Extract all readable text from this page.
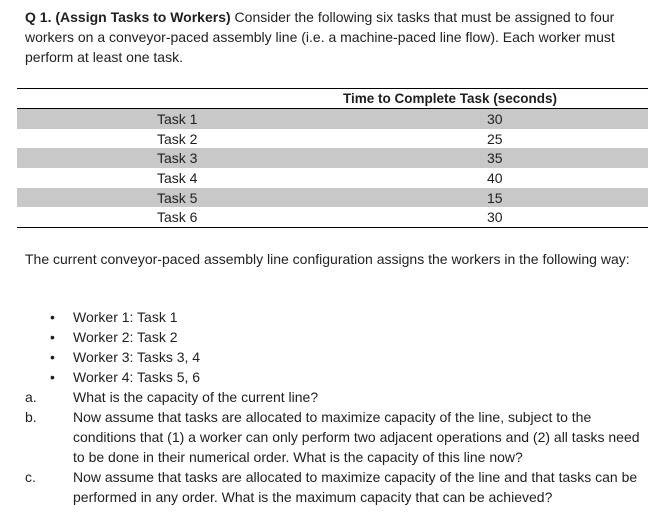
Q 1. (Assign Tasks to Workers) Consider the following six tasks that must be assigned to four workers on a conveyor-paced assembly line (i.e. a machine-paced line flow). Each worker must perform at least one task.
Time to Complete Task (seconds)
Task 1	30
Task 2	25
Task 3	35
Task 4	40
Task 5	15
Task 6	30
The current conveyor-paced assembly line configuration assigns the workers in the following way:
• Worker 1: Task 1
• Worker 2: Task 2
• Worker 3: Tasks 3, 4
• Worker 4: Tasks 5, 6
a.	What is the capacity of the current line?
b.	Now assume that tasks are allocated to maximize capacity of the line, subject to the conditions that (1) a worker can only perform two adjacent operations and (2) all tasks need to be done in their numerical order. What is the capacity of this line now?
c.	Now assume that tasks are allocated to maximize capacity of the line and that tasks can be performed in any order. What is the maximum capacity that can be achieved?
